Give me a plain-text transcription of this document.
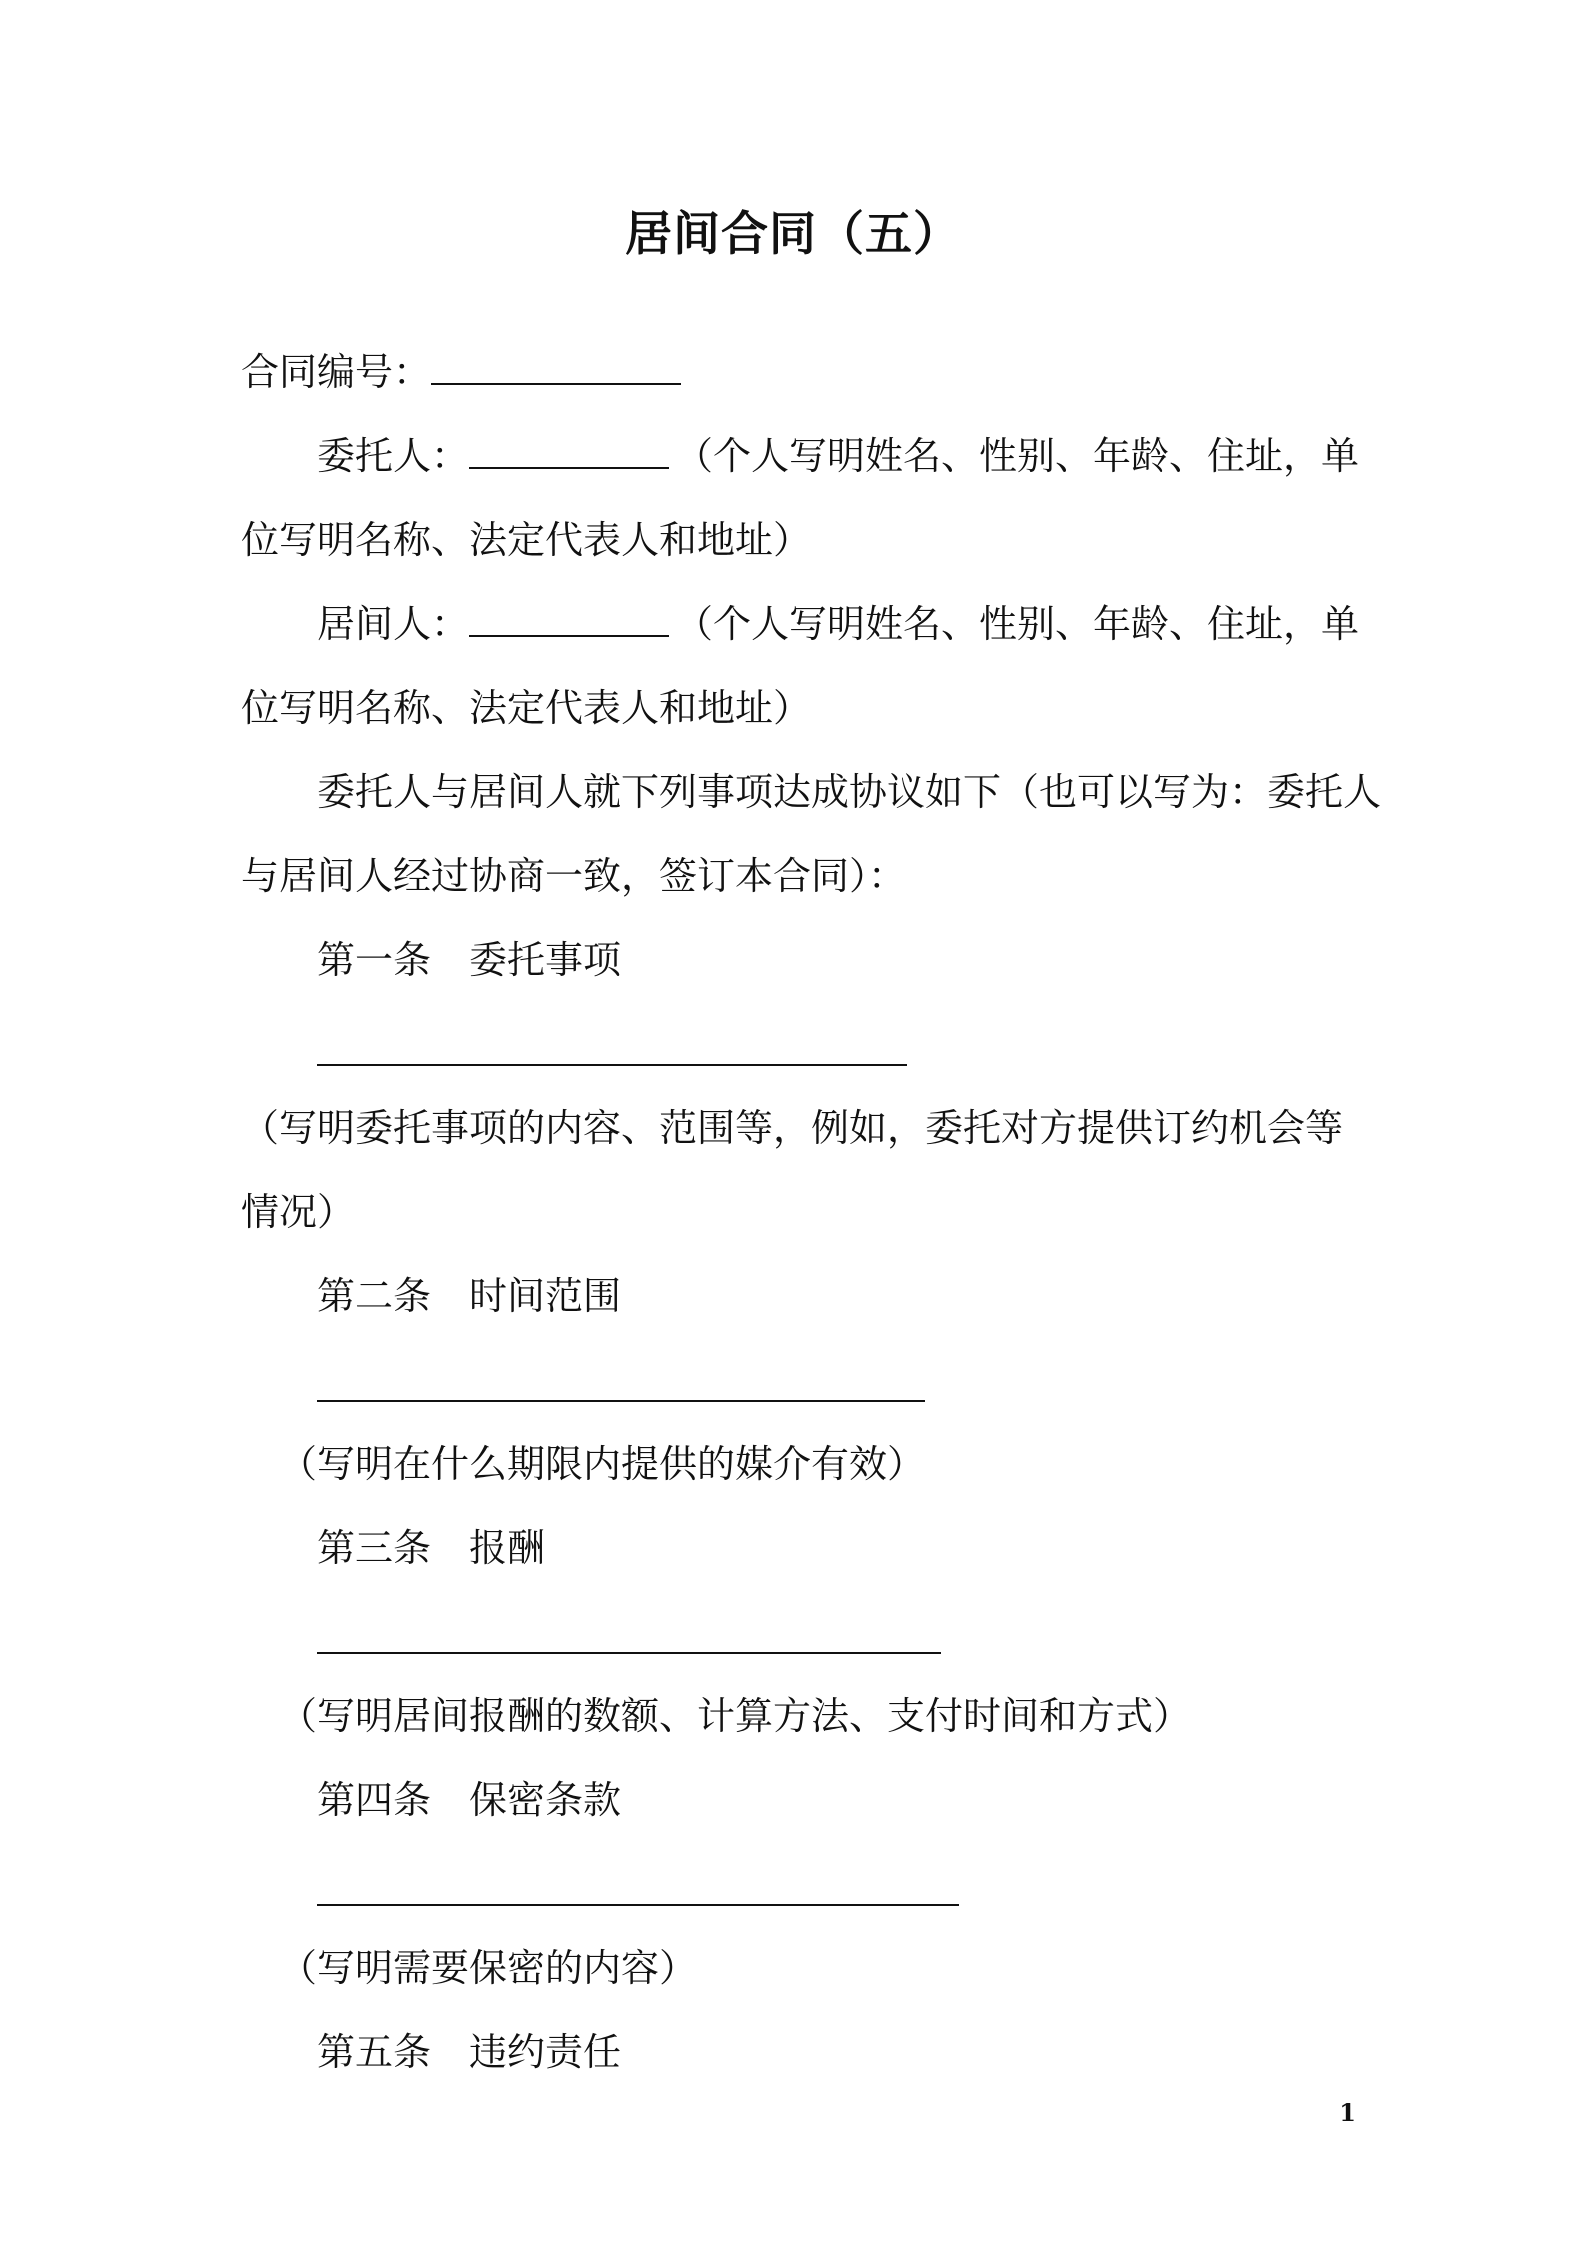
居间合同（五）
合同编号：
委托人：	（个人写明姓名、性别、年龄、住址，单
位写明名称、法定代表人和地址）
居间人：	（个人写明姓名、性别、年龄、住址，单
位写明名称、法定代表人和地址）
委托人与居间人就下列事项达成协议如下（也可以写为：委托人
与居间人经过协商一致，签订本合同）：
第一条 委托事项
（写明委托事项的内容、范围等，例如，委托对方提供订约机会等
情况）
第二条 时间范围
（写明在什么期限内提供的媒介有效）
第三条 报酬
（写明居间报酬的数额、计算方法、支付时间和方式）
第四条 保密条款
（写明需要保密的内容）
第五条 违约责任
1
